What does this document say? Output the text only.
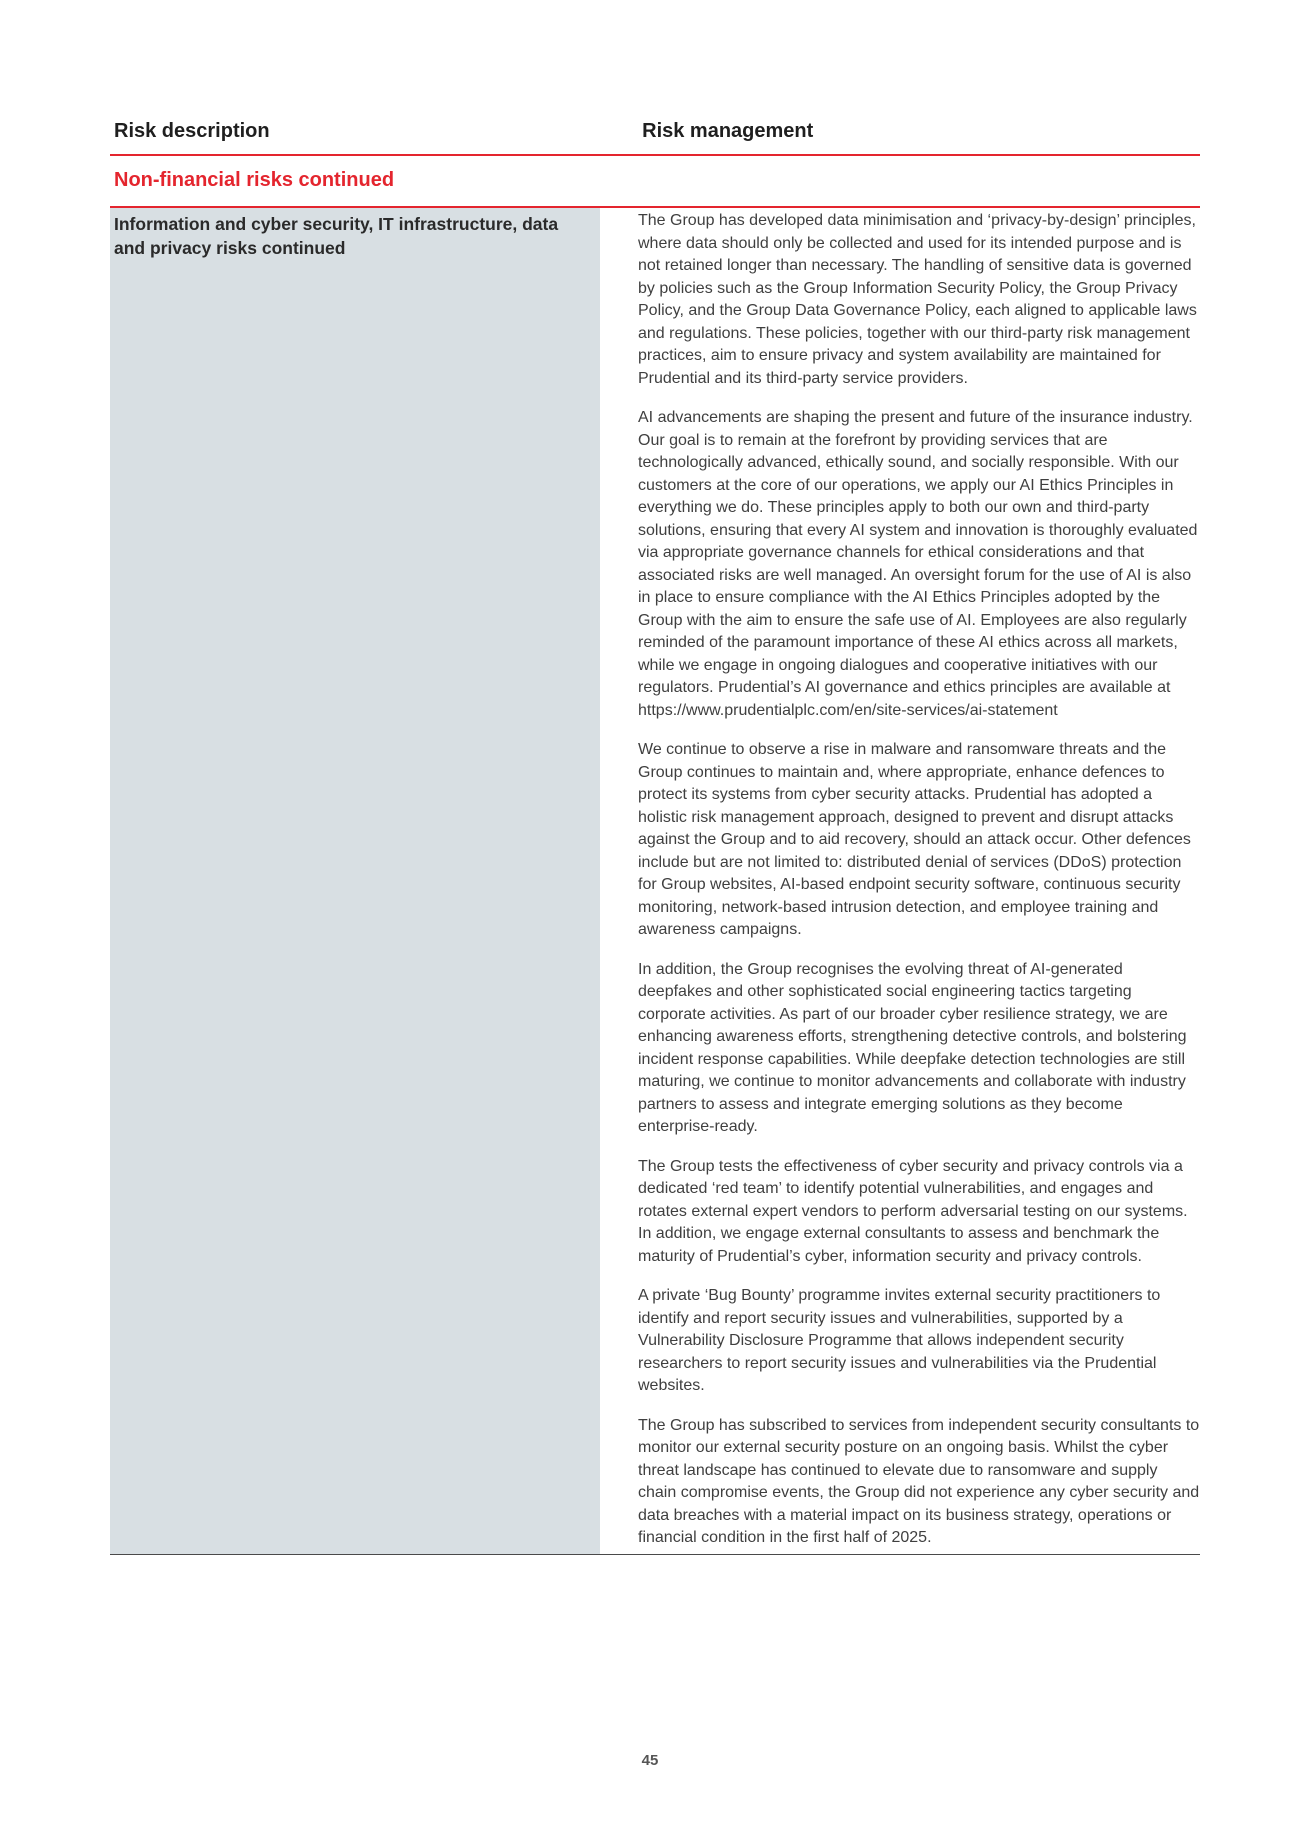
Risk description	Risk management
Non-financial risks continued
Information and cyber security, IT infrastructure, data and privacy risks continued

The Group has developed data minimisation and ‘privacy-by-design’ principles, where data should only be collected and used for its intended purpose and is not retained longer than necessary. The handling of sensitive data is governed by policies such as the Group Information Security Policy, the Group Privacy Policy, and the Group Data Governance Policy, each aligned to applicable laws and regulations. These policies, together with our third-party risk management practices, aim to ensure privacy and system availability are maintained for Prudential and its third-party service providers.

AI advancements are shaping the present and future of the insurance industry. Our goal is to remain at the forefront by providing services that are technologically advanced, ethically sound, and socially responsible. With our customers at the core of our operations, we apply our AI Ethics Principles in everything we do. These principles apply to both our own and third-party solutions, ensuring that every AI system and innovation is thoroughly evaluated via appropriate governance channels for ethical considerations and that associated risks are well managed. An oversight forum for the use of AI is also in place to ensure compliance with the AI Ethics Principles adopted by the Group with the aim to ensure the safe use of AI. Employees are also regularly reminded of the paramount importance of these AI ethics across all markets, while we engage in ongoing dialogues and cooperative initiatives with our regulators. Prudential’s AI governance and ethics principles are available at https://www.prudentialplc.com/en/site-services/ai-statement

We continue to observe a rise in malware and ransomware threats and the Group continues to maintain and, where appropriate, enhance defences to protect its systems from cyber security attacks. Prudential has adopted a holistic risk management approach, designed to prevent and disrupt attacks against the Group and to aid recovery, should an attack occur. Other defences include but are not limited to: distributed denial of services (DDoS) protection for Group websites, AI-based endpoint security software, continuous security monitoring, network-based intrusion detection, and employee training and awareness campaigns.

In addition, the Group recognises the evolving threat of AI-generated deepfakes and other sophisticated social engineering tactics targeting corporate activities. As part of our broader cyber resilience strategy, we are enhancing awareness efforts, strengthening detective controls, and bolstering incident response capabilities. While deepfake detection technologies are still maturing, we continue to monitor advancements and collaborate with industry partners to assess and integrate emerging solutions as they become enterprise-ready.

The Group tests the effectiveness of cyber security and privacy controls via a dedicated ‘red team’ to identify potential vulnerabilities, and engages and rotates external expert vendors to perform adversarial testing on our systems. In addition, we engage external consultants to assess and benchmark the maturity of Prudential’s cyber, information security and privacy controls.

A private ‘Bug Bounty’ programme invites external security practitioners to identify and report security issues and vulnerabilities, supported by a Vulnerability Disclosure Programme that allows independent security researchers to report security issues and vulnerabilities via the Prudential websites.

The Group has subscribed to services from independent security consultants to monitor our external security posture on an ongoing basis. Whilst the cyber threat landscape has continued to elevate due to ransomware and supply chain compromise events, the Group did not experience any cyber security and data breaches with a material impact on its business strategy, operations or financial condition in the first half of 2025.

45
